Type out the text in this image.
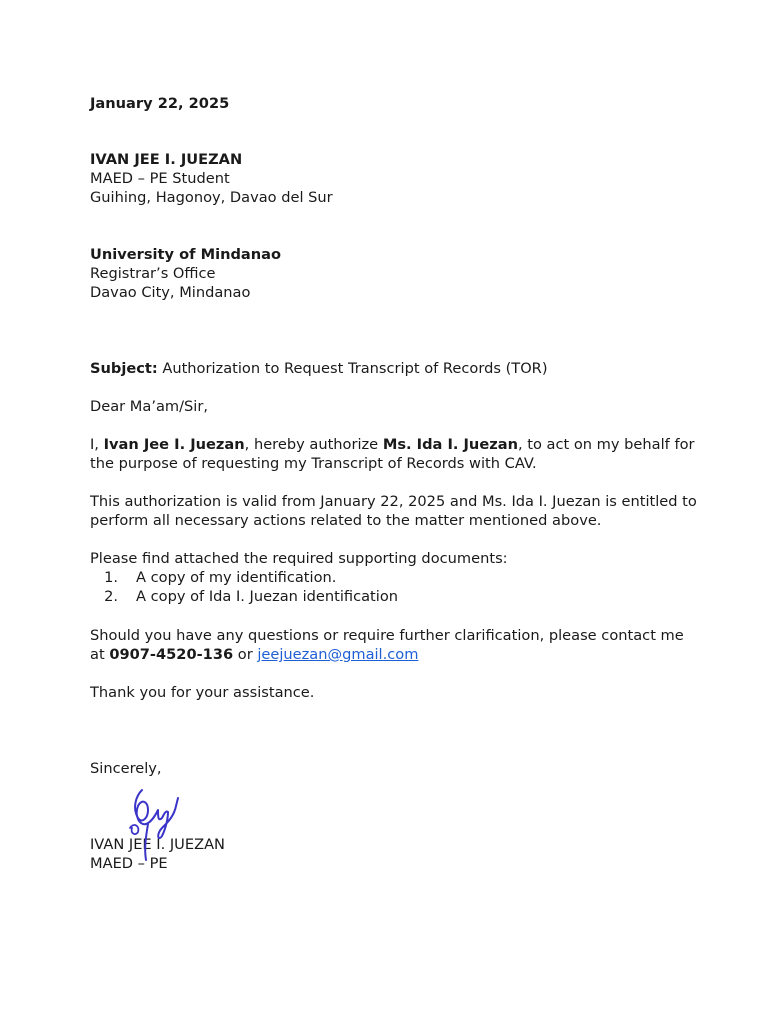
January 22, 2025
IVAN JEE I. JUEZAN
MAED – PE Student
Guihing, Hagonoy, Davao del Sur
University of Mindanao
Registrar’s Office
Davao City, Mindanao
Subject: Authorization to Request Transcript of Records (TOR)
Dear Ma’am/Sir,
I, Ivan Jee I. Juezan, hereby authorize Ms. Ida I. Juezan, to act on my behalf for
the purpose of requesting my Transcript of Records with CAV.
This authorization is valid from January 22, 2025 and Ms. Ida I. Juezan is entitled to
perform all necessary actions related to the matter mentioned above.
Please find attached the required supporting documents:
1. A copy of my identification.
2. A copy of Ida I. Juezan identification
Should you have any questions or require further clarification, please contact me
at 0907-4520-136 or jeejuezan@gmail.com
Thank you for your assistance.
Sincerely,
IVAN JEE I. JUEZAN
MAED – PE
